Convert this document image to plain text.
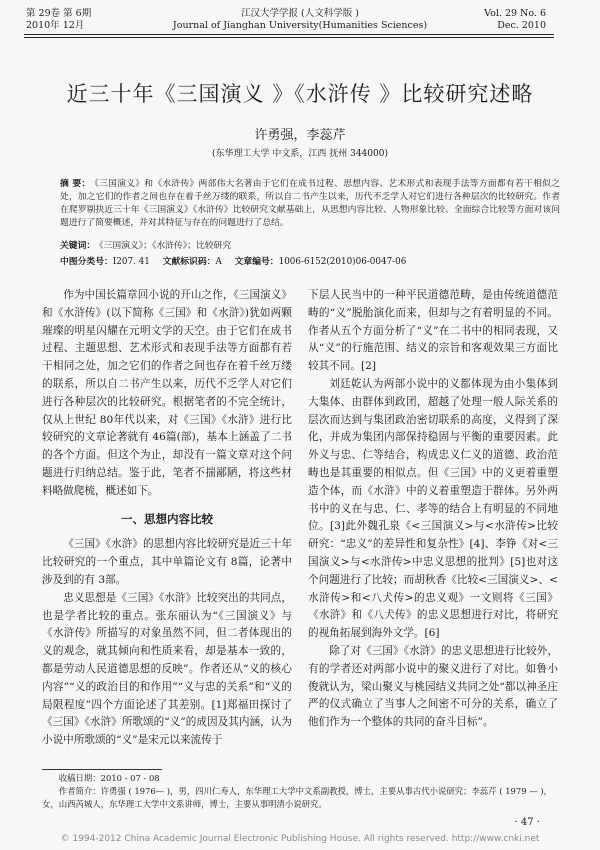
第 29卷 第 6期
2010年 12月
江汉大学学报 (人文科学版 )
Journal of Jianghan University(Humanities Sciences)
Vol. 29 No. 6
Dec. 2010
近三十年《三国演义 》《水浒传 》比较研究述略
许勇强，李蕊芹
(东华理工大学 中文系，江西 抚州 344000)
摘 要： 《三国演义》和《水浒传》两部伟大名著由于它们在成书过程、思想内容、艺术形式和表现手法等方面都有若干相似之处，加之它们的作者之间也存在着千丝万缕的联系，所以自二书产生以来，历代不乏学人对它们进行各种层次的比较研究。作者在爬罗剔抉近三十年《三国演义》《水浒传》比较研究文献基础上，从思想内容比较、人物形象比较、全面综合比较等方面对该问题进行了简要概述，并对其特征与存在的问题进行了总结。
关键词： 《三国演义》；《水浒传》；比较研究
中图分类号：I207. 41 文献标识码：A 文章编号：1006-6152(2010)06-0047-06

作为中国长篇章回小说的开山之作，《三国演义》和《水浒传》(以下简称《三国》和《水浒》)犹如两颗璀璨的明星闪耀在元明文学的天空。由于它们在成书过程、主题思想、艺术形式和表现手法等方面都有若干相同之处，加之它们的作者之间也存在着千丝万缕的联系，所以自二书产生以来，历代不乏学人对它们进行各种层次的比较研究。根据笔者的不完全统计，仅从上世纪 80年代以来，对《三国》《水浒》进行比较研究的文章论著就有 46篇(部)，基本上涵盖了二书的各个方面。但这个为止，却没有一篇文章对这个问题进行归纳总结。鉴于此，笔者不揣鄙陋，将这些材料略做爬梳，概述如下。

一、思想内容比较

《三国》《水浒》的思想内容比较研究是近三十年比较研究的一个重点，其中单篇论文有 8篇，论著中涉及到的有 3部。

忠义思想是《三国》《水浒》比较突出的共同点，也是学者比较的重点。张东丽认为“《三国演义》与《水浒传》所描写的对象虽然不同，但二者体现出的义的观念，就其倾向和性质来看，却是基本一致的，都是劳动人民道德思想的反映”。作者还从“义的核心内容”“义的政治目的和作用”“义与忠的关系”和“义的局限程度”四个方面论述了其差别。[1]郑福田探讨了《三国》《水浒》所歌颂的“义”的成因及其内涵，认为小说中所歌颂的“义”是宋元以来流传于

下层人民当中的一种平民道德范畴，是由传统道德范畴的“义”脱胎演化而来，但却与之有着明显的不同。作者从五个方面分析了“义”在二书中的相同表现，又从“义”的行施范围、结义的宗旨和客观效果三方面比较其不同。[2]

刘廷乾认为两部小说中的义都体现为由小集体到大集体、由群体到政团，超越了处理一般人际关系的层次而达到与集团政治密切联系的高度，义得到了深化，并成为集团内部保持稳固与平衡的重要因素。此外义与忠、仁等结合，构成忠义仁义的道德、政治范畴也是其重要的相似点。但《三国》中的义更着重塑造个体，而《水浒》中的义着重塑造于群体。另外两书中的义在与忠、仁、孝等的结合上有明显的不同地位。[3]此外魏孔泉《<三国演义>与<水浒传>比较研究：“忠义”的差异性和复杂性》[4]、李铮《对<三国演义>与<水浒传>中忠义思想的批判》[5]也对这个问题进行了比较；而胡秋香《比较<三国演义>、<水浒传>和<八犬传>的忠义观》一文则将《三国》《水浒》和《八犬传》的忠义思想进行对比，将研究的视角拓展到海外文学。[6]

除了对《三国》《水浒》的忠义思想进行比较外，有的学者还对两部小说中的聚义进行了对比。如鲁小俊就认为，梁山聚义与桃园结义共同之处“都以神圣庄严的仪式确立了当事人之间密不可分的关系，确立了他们作为一个整体的共同的奋斗目标”。

收稿日期：2010 - 07 - 08

作者简介：许勇强 ( 1976— )，男，四川仁寿人，东华理工大学中文系副教授，博士，主要从事古代小说研究；李蕊芹 ( 1979 — )，女，山西芮城人，东华理工大学中文系讲师，博士，主要从事明清小说研究。

· 47 ·
© 1994-2012 China Academic Journal Electronic Publishing House. All rights reserved. http://www.cnki.net
